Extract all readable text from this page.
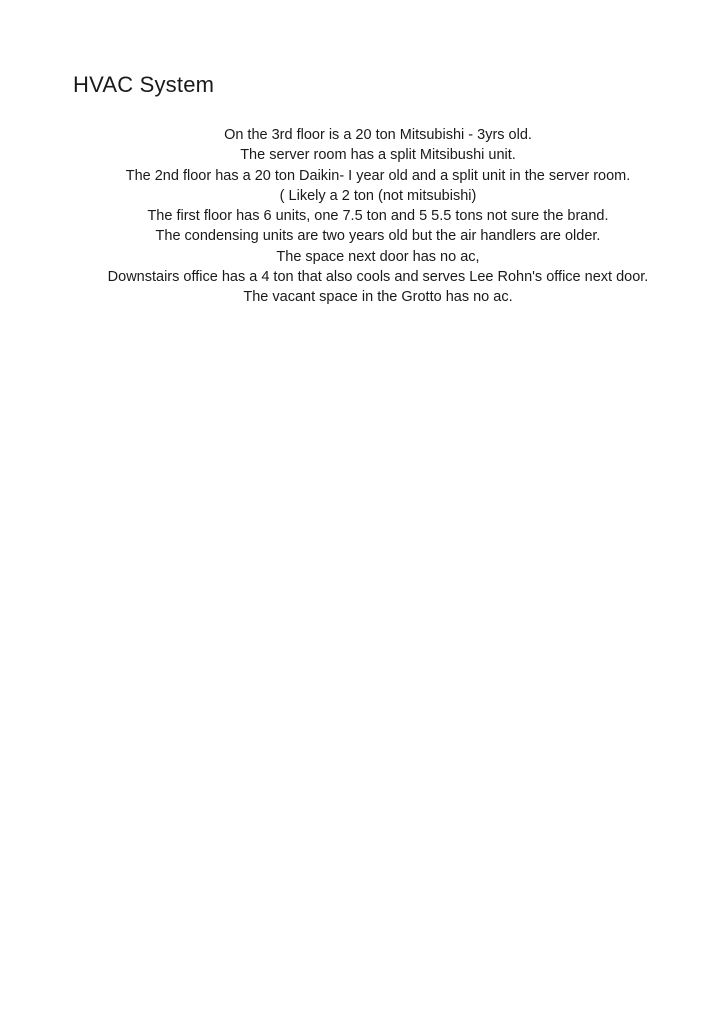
HVAC System
On the 3rd floor is a 20 ton Mitsubishi - 3yrs old.
The server room has a split Mitsibushi unit.
The 2nd floor has a 20 ton Daikin- I year old and a split unit in the server room.
( Likely a 2 ton (not mitsubishi)
The first floor has 6 units, one 7.5 ton and 5 5.5 tons not sure the brand.
The condensing units are two years old but the air handlers are older.
The space next door has no ac,
Downstairs office has a 4 ton that also cools and serves Lee Rohn's office next door.
The vacant space in the Grotto has no ac.
